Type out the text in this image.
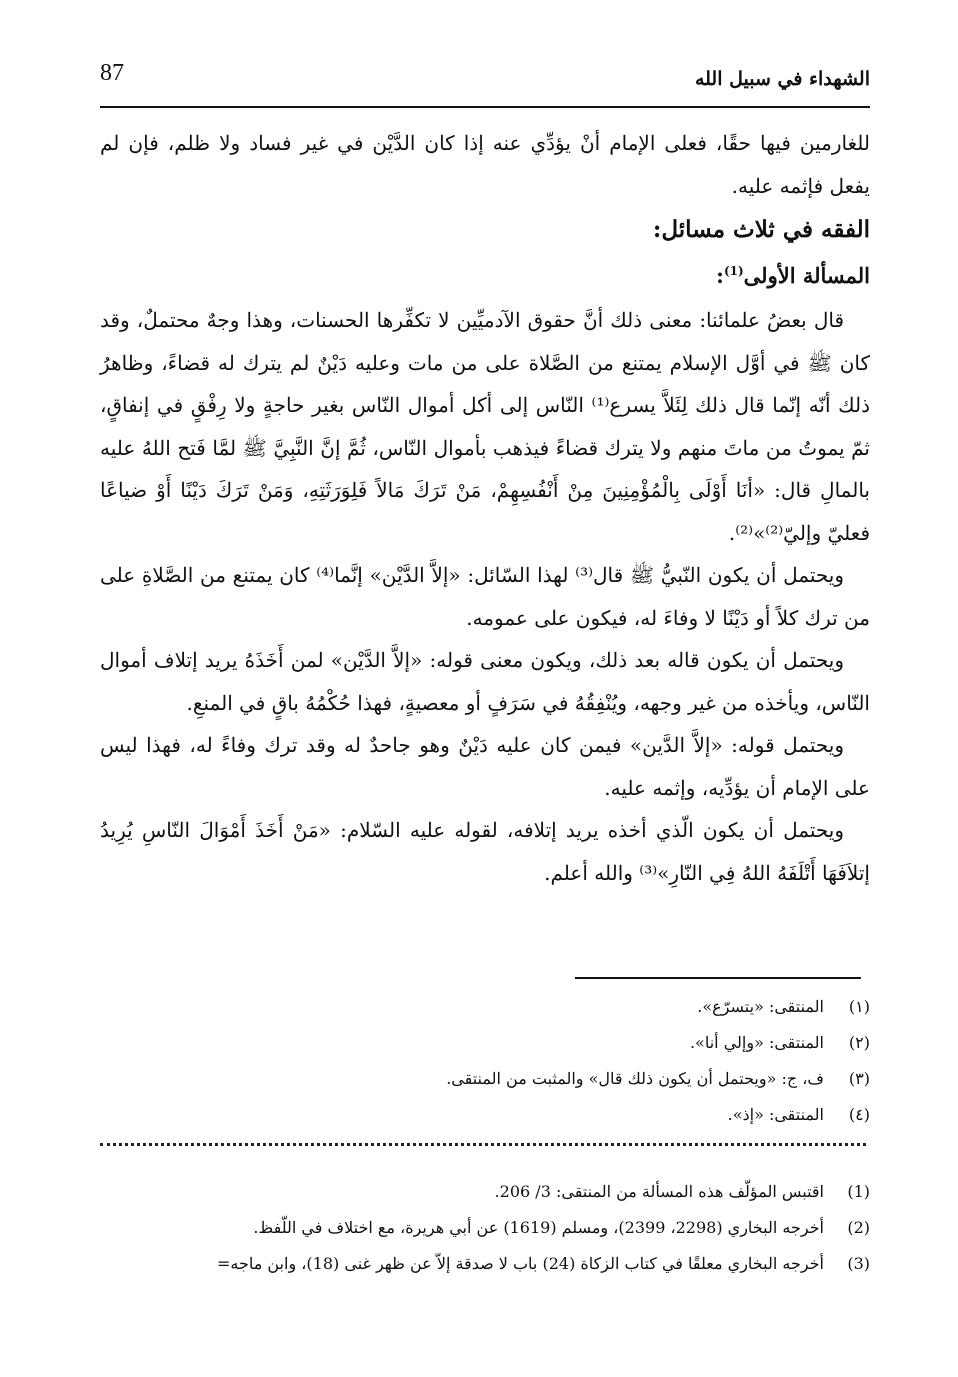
87	الشهداء في سبيل الله

للغارمين فيها حقًا، فعلى الإمام أنْ يؤدِّي عنه إذا كان الدَّيْن في غير فساد ولا ظلم، فإن لم يفعل فإثمه عليه.

الفقه في ثلاث مسائل:

المسألة الأولى$^{(1)}$:

قال بعضُ علمائنا: معنى ذلك أنَّ حقوق الآدميِّين لا تكفِّرها الحسنات، وهذا وجهٌ محتملٌ، وقد كان ﷺ في أوَّل الإسلام يمتنع من الصَّلاة على من مات وعليه دَيْنٌ لم يترك له قضاءً، وظاهرُ ذلك أنّه إنّما قال ذلك لِئَلاَّ يسرع⁽¹⁾ النّاس إلى أكل أموال النّاس بغير حاجةٍ ولا رِفْقٍ في إنفاقٍ، ثمّ يموتُ من ماتَ منهم ولا يترك قضاءً فيذهب بأموال النّاس، ثُمَّ إنَّ النَّبِيَّ ﷺ لمَّا فَتح اللهُ عليه بالمالِ قال: «أنَا أَوْلَى بِالْمُؤْمِنِينَ مِنْ أَنْفُسِهِمْ، مَنْ تَرَكَ مَالاً فَلِوَرَثَتِهِ، وَمَنْ تَرَكَ دَيْنًا أَوْ ضياعًا فعليّ وإليّ⁽²⁾»⁽²⁾.

ويحتمل أن يكون النّبيُّ ﷺ قال⁽³⁾ لهذا السّائل: «إلاَّ الدَّيْن» إنَّما⁽⁴⁾ كان يمتنع من الصَّلاةِ على من ترك كلاً أو دَيْنًا لا وفاءَ له، فيكون على عمومه.

ويحتمل أن يكون قاله بعد ذلك، ويكون معنى قوله: «إلاَّ الدَّيْن» لمن أَخَذَهُ يريد إتلاف أموال النّاس، ويأخذه من غير وجهه، ويُنْفِقُهُ في سَرَفٍ أو معصيةٍ، فهذا حُكْمُهُ باقٍ في المنعِ.

ويحتمل قوله: «إلاَّ الدَّين» فيمن كان عليه دَيْنٌ وهو جاحدٌ له وقد ترك وفاءً له، فهذا ليس على الإمام أن يؤدِّيه، وإثمه عليه.

ويحتمل أن يكون الّذي أخذه يريد إتلافه، لقوله عليه السّلام: «مَنْ أَخَذَ أَمْوَالَ النّاسِ يُرِيدُ إتلاَفَهَا أَتْلَفَهُ اللهُ فِي النّارِ»⁽³⁾ والله أعلم.

(١)
المنتقى: «يتسرّع».
(٢)
المنتقى: «وإلي أنا».
(٣)
ف، ج: «ويحتمل أن يكون ذلك قال» والمثبت من المنتقى.
(٤)
المنتقى: «إذ».
(1)
اقتبس المؤلّف هذه المسألة من المنتقى: 3/ 206.
(2)
أخرجه البخاري (2298، 2399)، ومسلم (1619) عن أبي هريرة، مع اختلاف في اللّفظ.
(3)
أخرجه البخاري معلقًا في كتاب الزكاة (24) باب لا صدقة إلاّ عن ظهر غنى (18)، وابن ماجه=
